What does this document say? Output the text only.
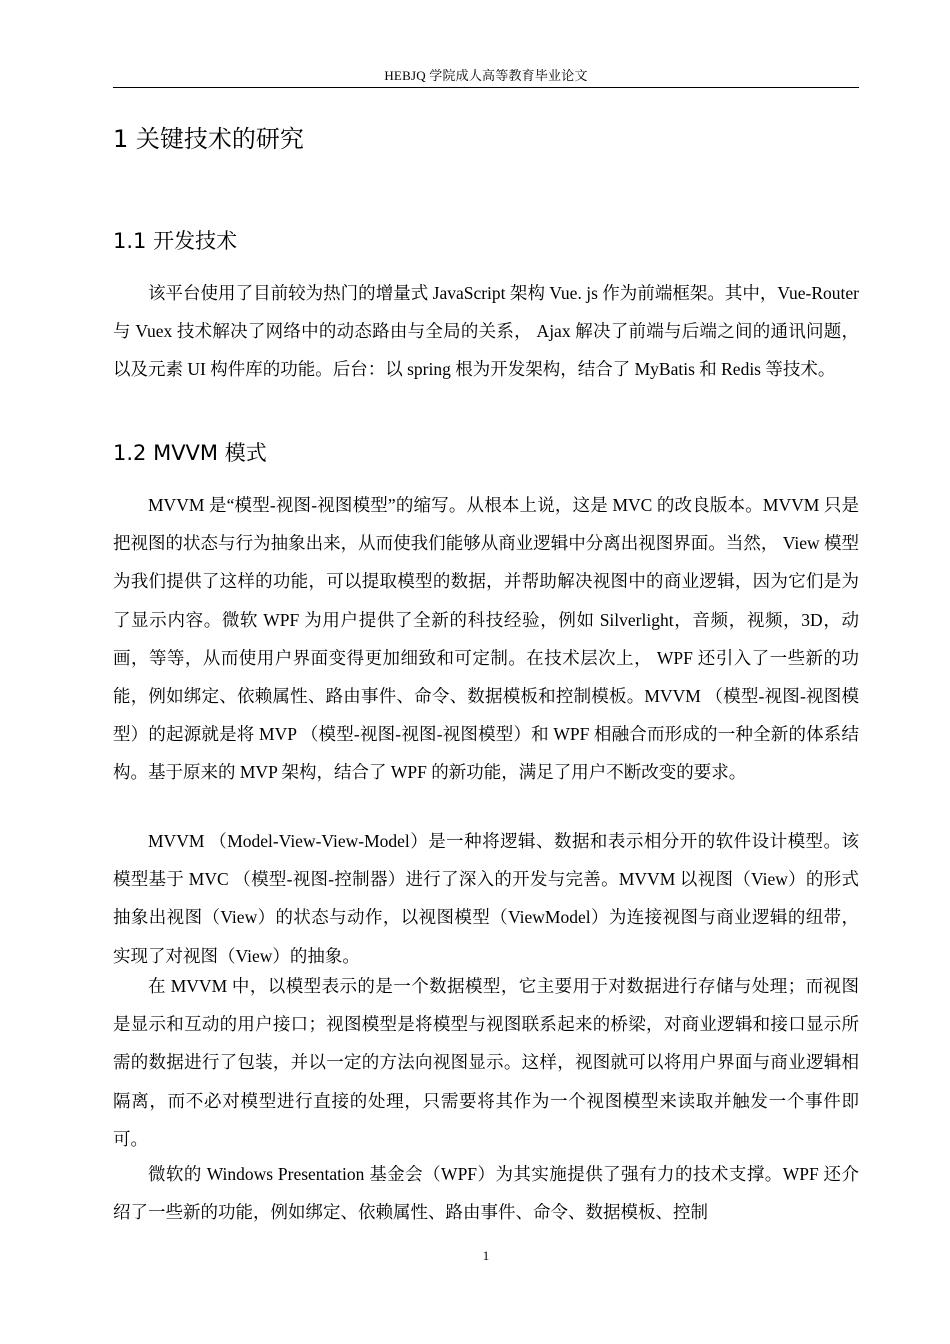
HEBJQ 学院成人高等教育毕业论文
1 关键技术的研究
1.1 开发技术

该平台使用了目前较为热门的增量式 JavaScript 架构 Vue. js 作为前端框架。其中，Vue-Router 与 Vuex 技术解决了网络中的动态路由与全局的关系， Ajax 解决了前端与后端之间的通讯问题，以及元素 UI 构件库的功能。后台：以 spring 根为开发架构，结合了 MyBatis 和 Redis 等技术。

1.2 MVVM 模式

MVVM 是“模型-视图-视图模型”的缩写。从根本上说，这是 MVC 的改良版本。MVVM 只是把视图的状态与行为抽象出来，从而使我们能够从商业逻辑中分离出视图界面。当然， View 模型为我们提供了这样的功能，可以提取模型的数据，并帮助解决视图中的商业逻辑，因为它们是为了显示内容。微软 WPF 为用户提供了全新的科技经验，例如 Silverlight，音频，视频，3D，动画，等等，从而使用户界面变得更加细致和可定制。在技术层次上， WPF 还引入了一些新的功能，例如绑定、依赖属性、路由事件、命令、数据模板和控制模板。MVVM （模型-视图-视图模型）的起源就是将 MVP （模型-视图-视图-视图模型）和 WPF 相融合而形成的一种全新的体系结构。基于原来的 MVP 架构，结合了 WPF 的新功能，满足了用户不断改变的要求。

MVVM （Model-View-View-Model）是一种将逻辑、数据和表示相分开的软件设计模型。该模型基于 MVC （模型-视图-控制器）进行了深入的开发与完善。MVVM 以视图（View）的形式抽象出视图（View）的状态与动作，以视图模型（ViewModel）为连接视图与商业逻辑的纽带，实现了对视图（View）的抽象。

在 MVVM 中，以模型表示的是一个数据模型，它主要用于对数据进行存储与处理；而视图是显示和互动的用户接口；视图模型是将模型与视图联系起来的桥梁，对商业逻辑和接口显示所需的数据进行了包装，并以一定的方法向视图显示。这样，视图就可以将用户界面与商业逻辑相隔离，而不必对模型进行直接的处理，只需要将其作为一个视图模型来读取并触发一个事件即可。

微软的 Windows Presentation 基金会（WPF）为其实施提供了强有力的技术支撑。WPF 还介绍了一些新的功能，例如绑定、依赖属性、路由事件、命令、数据模板、控制

1
